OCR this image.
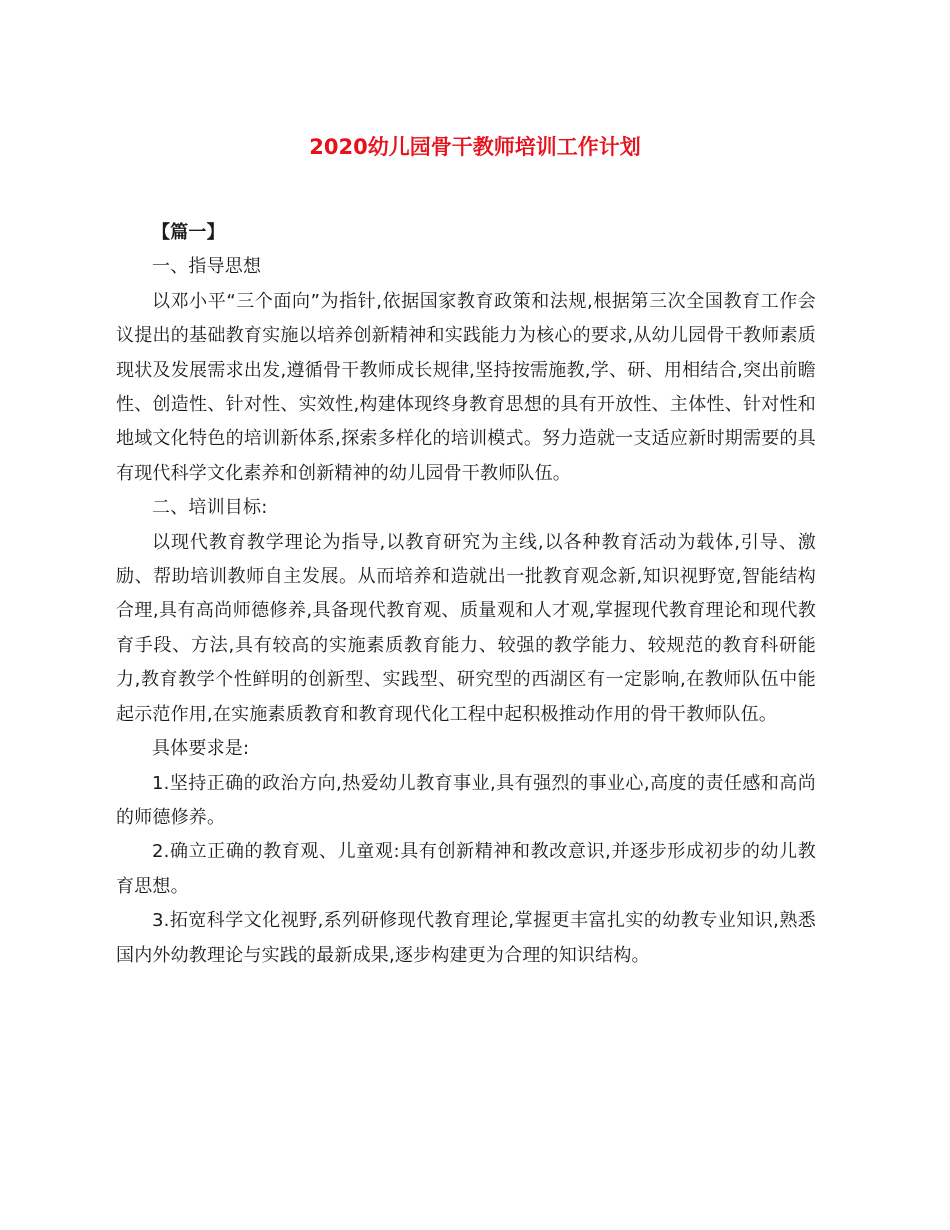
2020幼儿园骨干教师培训工作计划

【篇一】

一、指导思想

以邓小平“三个面向”为指针,依据国家教育政策和法规,根据第三次全国教育工作会议提出的基础教育实施以培养创新精神和实践能力为核心的要求,从幼儿园骨干教师素质现状及发展需求出发,遵循骨干教师成长规律,坚持按需施教,学、研、用相结合,突出前瞻性、创造性、针对性、实效性,构建体现终身教育思想的具有开放性、主体性、针对性和地域文化特色的培训新体系,探索多样化的培训模式。努力造就一支适应新时期需要的具有现代科学文化素养和创新精神的幼儿园骨干教师队伍。

二、培训目标:

以现代教育教学理论为指导,以教育研究为主线,以各种教育活动为载体,引导、激励、帮助培训教师自主发展。从而培养和造就出一批教育观念新,知识视野宽,智能结构合理,具有高尚师德修养,具备现代教育观、质量观和人才观,掌握现代教育理论和现代教育手段、方法,具有较高的实施素质教育能力、较强的教学能力、较规范的教育科研能力,教育教学个性鲜明的创新型、实践型、研究型的西湖区有一定影响,在教师队伍中能起示范作用,在实施素质教育和教育现代化工程中起积极推动作用的骨干教师队伍。

具体要求是:

1.坚持正确的政治方向,热爱幼儿教育事业,具有强烈的事业心,高度的责任感和高尚的师德修养。

2.确立正确的教育观、儿童观:具有创新精神和教改意识,并逐步形成初步的幼儿教育思想。

3.拓宽科学文化视野,系列研修现代教育理论,掌握更丰富扎实的幼教专业知识,熟悉国内外幼教理论与实践的最新成果,逐步构建更为合理的知识结构。
